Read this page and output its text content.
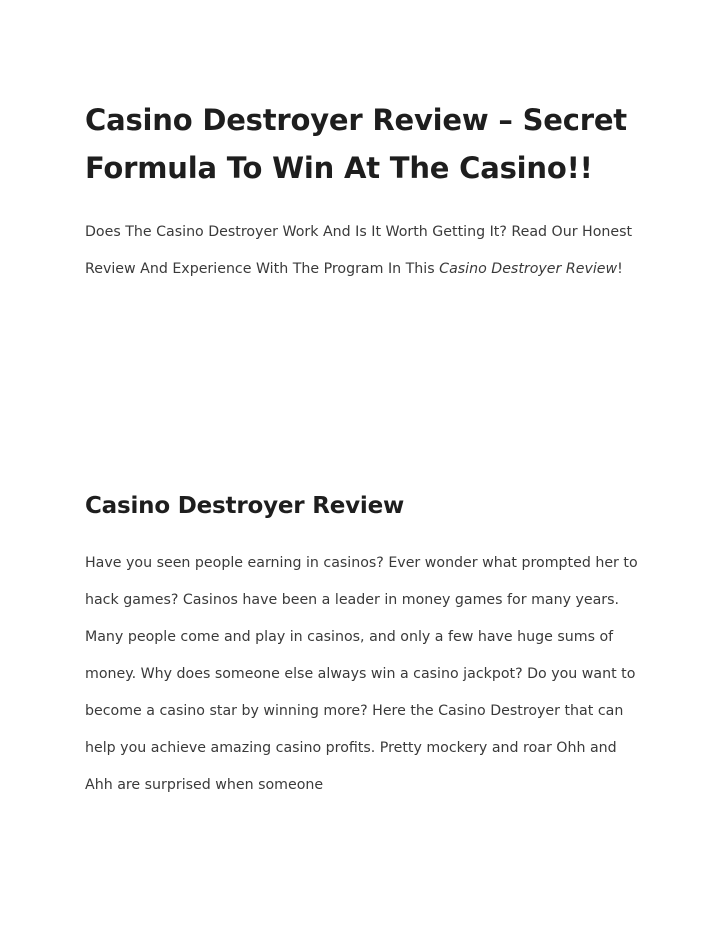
Casino Destroyer Review – Secret Formula To Win At The Casino!!

Does The Casino Destroyer Work And Is It Worth Getting It? Read Our Honest Review And Experience With The Program In This Casino Destroyer Review!

Casino Destroyer Review

Have you seen people earning in casinos? Ever wonder what prompted her to hack games? Casinos have been a leader in money games for many years. Many people come and play in casinos, and only a few have huge sums of money. Why does someone else always win a casino jackpot? Do you want to become a casino star by winning more? Here the Casino Destroyer that can help you achieve amazing casino profits. Pretty mockery and roar Ohh and Ahh are surprised when someone
